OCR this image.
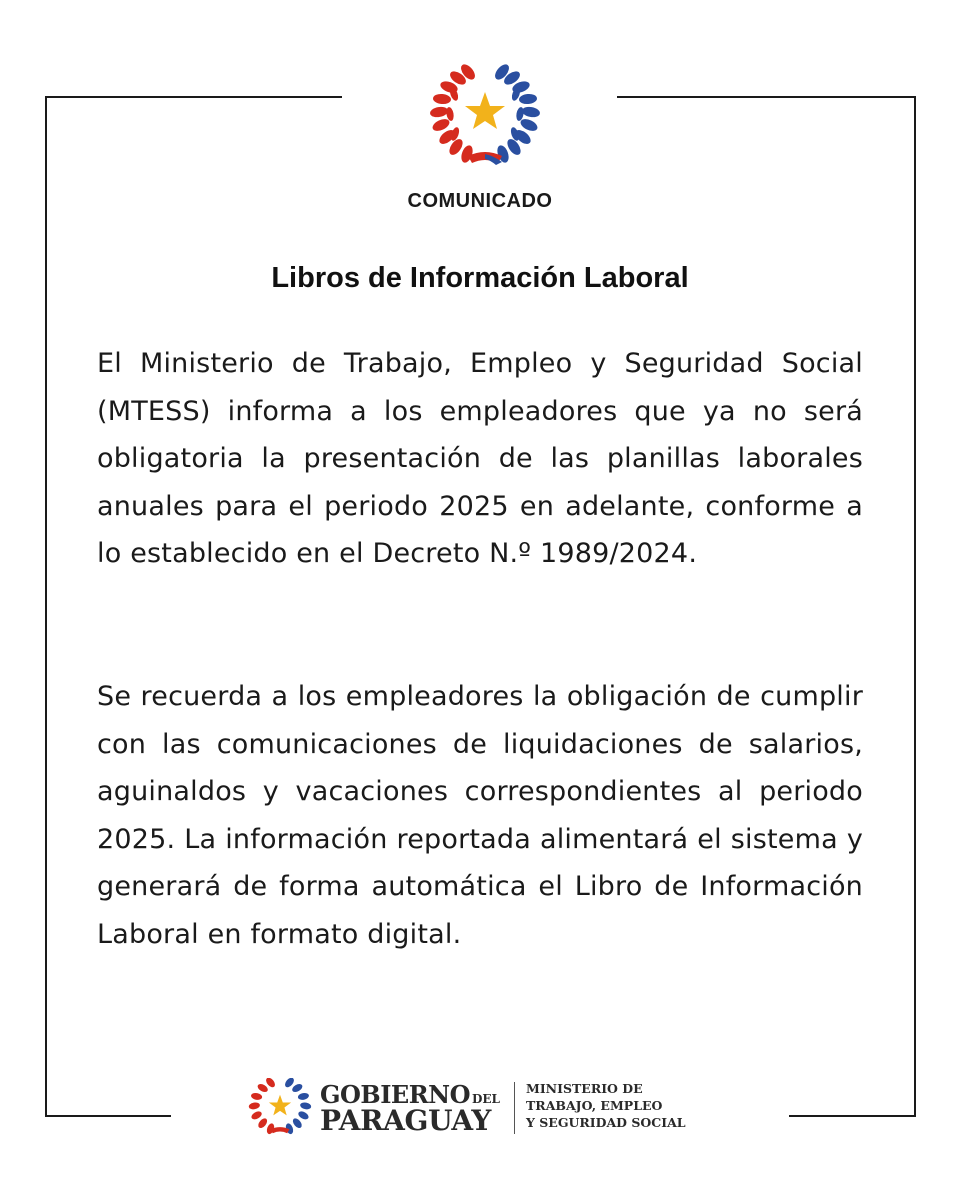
COMUNICADO
Libros de Información Laboral
El Ministerio de Trabajo, Empleo y Seguridad Social (MTESS) informa a los empleadores que ya no será obligatoria la presentación de las planillas laborales anuales para el periodo 2025 en adelante, conforme a lo establecido en el Decreto N.º 1989/2024.
Se recuerda a los empleadores la obligación de cumplir con las comunicaciones de liquidaciones de salarios, aguinaldos y vacaciones correspondientes al periodo 2025. La información reportada alimentará el sistema y generará de forma automática el Libro de Información Laboral en formato digital.
GOBIERNO DEL
PARAGUAY
MINISTERIO DE
TRABAJO, EMPLEO
Y SEGURIDAD SOCIAL
